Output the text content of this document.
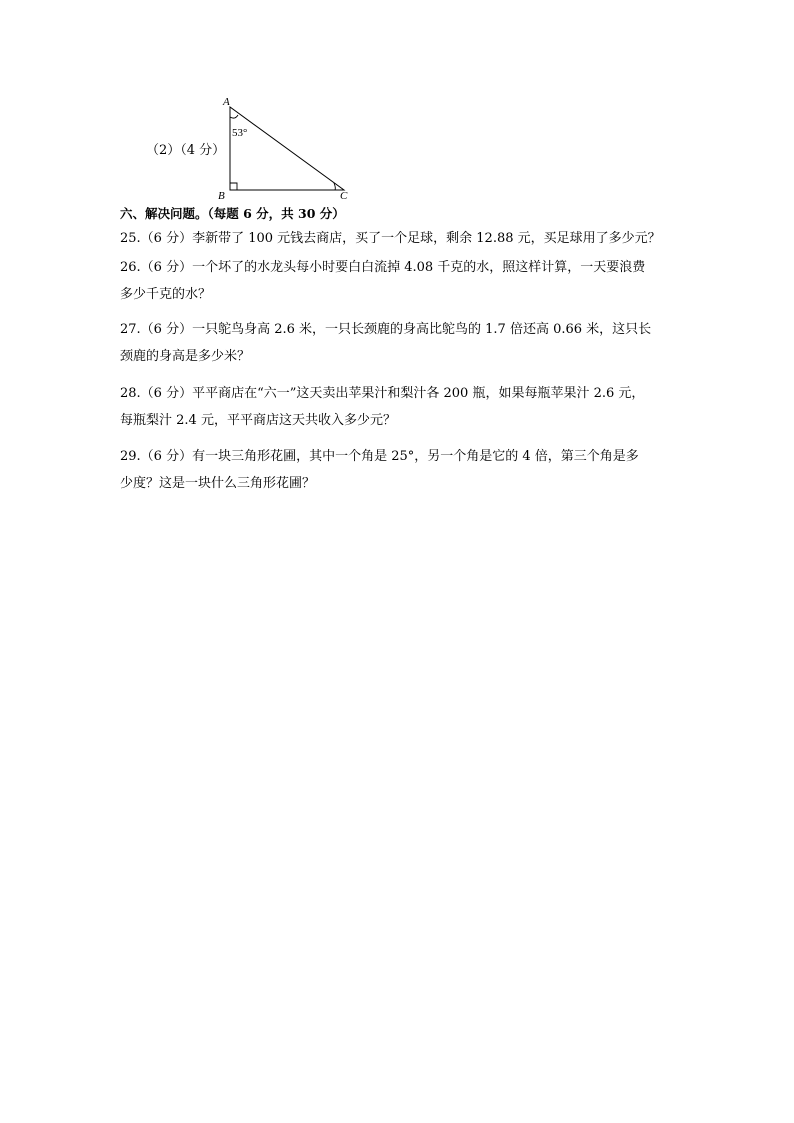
（2）（4 分）
A
B	C
53°
六、解决问题。（每题 6 分，共 30 分）

25.（6 分）李新带了 100 元钱去商店，买了一个足球，剩余 12.88 元，买足球用了多少元？

26.（6 分）一个坏了的水龙头每小时要白白流掉 4.08 千克的水，照这样计算，一天要浪费

多少千克的水？

27.（6 分）一只鸵鸟身高 2.6 米，一只长颈鹿的身高比鸵鸟的 1.7 倍还高 0.66 米，这只长

颈鹿的身高是多少米？

28.（6 分）平平商店在“六一”这天卖出苹果汁和梨汁各 200 瓶，如果每瓶苹果汁 2.6 元，

每瓶梨汁 2.4 元，平平商店这天共收入多少元？

29.（6 分）有一块三角形花圃，其中一个角是 25°，另一个角是它的 4 倍，第三个角是多

少度？这是一块什么三角形花圃？
